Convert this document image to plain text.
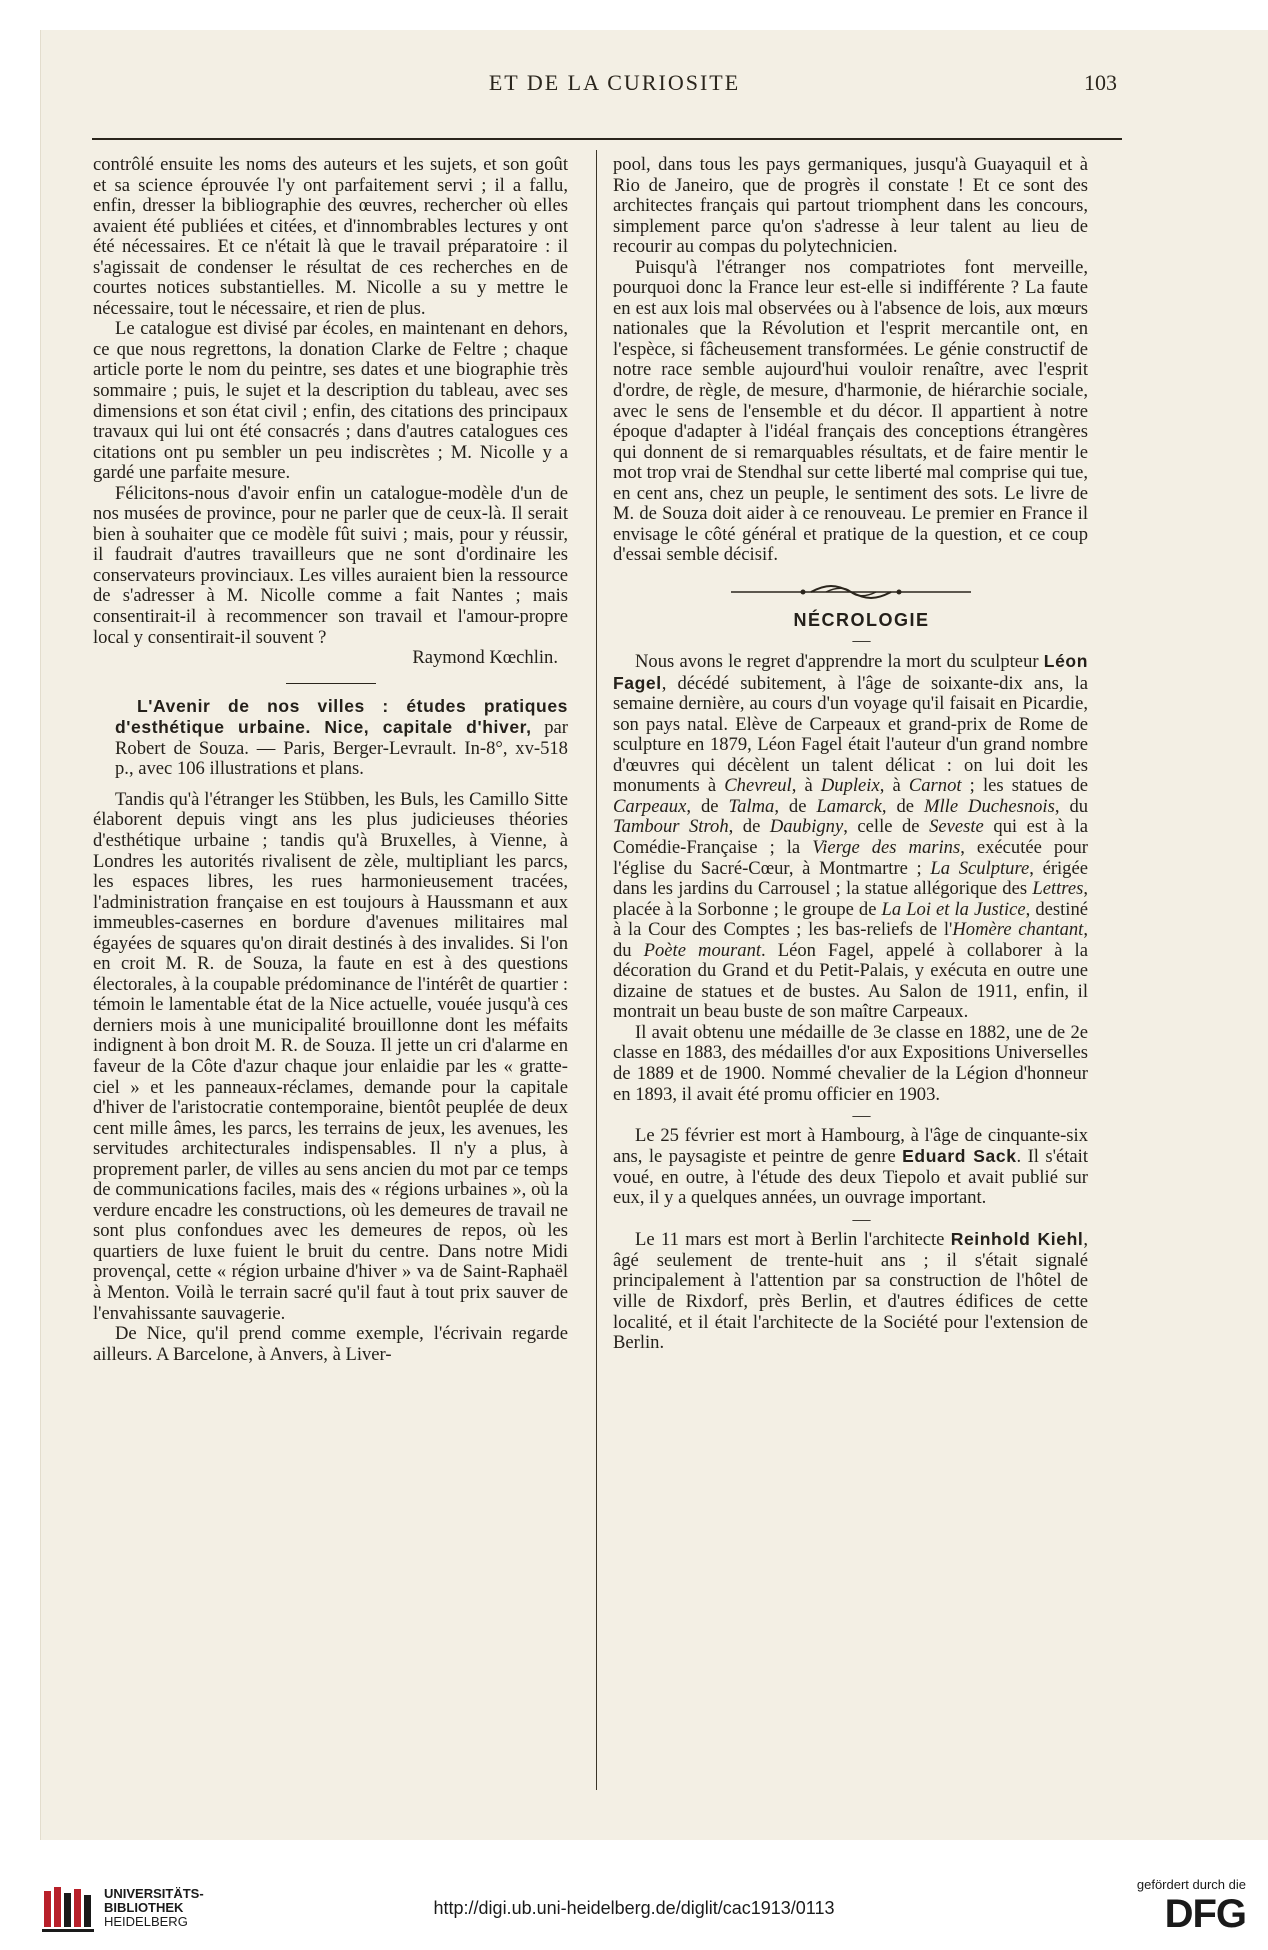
ET DE LA CURIOSITE	103

contrôlé ensuite les noms des auteurs et les sujets, et son goût et sa science éprouvée l'y ont parfaitement servi ; il a fallu, enfin, dresser la bibliographie des œuvres, rechercher où elles avaient été publiées et citées, et d'innombrables lectures y ont été nécessaires. Et ce n'était là que le travail préparatoire : il s'agissait de condenser le résultat de ces recherches en de courtes notices substantielles. M. Nicolle a su y mettre le nécessaire, tout le nécessaire, et rien de plus.

Le catalogue est divisé par écoles, en maintenant en dehors, ce que nous regrettons, la donation Clarke de Feltre ; chaque article porte le nom du peintre, ses dates et une biographie très sommaire ; puis, le sujet et la description du tableau, avec ses dimensions et son état civil ; enfin, des citations des principaux travaux qui lui ont été consacrés ; dans d'autres catalogues ces citations ont pu sembler un peu indiscrètes ; M. Nicolle y a gardé une parfaite mesure.

Félicitons-nous d'avoir enfin un catalogue-modèle d'un de nos musées de province, pour ne parler que de ceux-là. Il serait bien à souhaiter que ce modèle fût suivi ; mais, pour y réussir, il faudrait d'autres travailleurs que ne sont d'ordinaire les conservateurs provinciaux. Les villes auraient bien la ressource de s'adresser à M. Nicolle comme a fait Nantes ; mais consentirait-il à recommencer son travail et l'amour-propre local y consentirait-il souvent ?

Raymond Kœchlin.

L'Avenir de nos villes : études pratiques d'esthétique urbaine. Nice, capitale d'hiver, par Robert de Souza. — Paris, Berger-Levrault. In-8°, xv-518 p., avec 106 illustrations et plans.

Tandis qu'à l'étranger les Stübben, les Buls, les Camillo Sitte élaborent depuis vingt ans les plus judicieuses théories d'esthétique urbaine ; tandis qu'à Bruxelles, à Vienne, à Londres les autorités rivalisent de zèle, multipliant les parcs, les espaces libres, les rues harmonieusement tracées, l'administration française en est toujours à Haussmann et aux immeubles-casernes en bordure d'avenues militaires mal égayées de squares qu'on dirait destinés à des invalides. Si l'on en croit M. R. de Souza, la faute en est à des questions électorales, à la coupable prédominance de l'intérêt de quartier : témoin le lamentable état de la Nice actuelle, vouée jusqu'à ces derniers mois à une municipalité brouillonne dont les méfaits indignent à bon droit M. R. de Souza. Il jette un cri d'alarme en faveur de la Côte d'azur chaque jour enlaidie par les « gratte-ciel » et les panneaux-réclames, demande pour la capitale d'hiver de l'aristocratie contemporaine, bientôt peuplée de deux cent mille âmes, les parcs, les terrains de jeux, les avenues, les servitudes architecturales indispensables. Il n'y a plus, à proprement parler, de villes au sens ancien du mot par ce temps de communications faciles, mais des « régions urbaines », où la verdure encadre les constructions, où les demeures de travail ne sont plus confondues avec les demeures de repos, où les quartiers de luxe fuient le bruit du centre. Dans notre Midi provençal, cette « région urbaine d'hiver » va de Saint-Raphaël à Menton. Voilà le terrain sacré qu'il faut à tout prix sauver de l'envahissante sauvagerie.

De Nice, qu'il prend comme exemple, l'écrivain regarde ailleurs. A Barcelone, à Anvers, à Liver-

pool, dans tous les pays germaniques, jusqu'à Guayaquil et à Rio de Janeiro, que de progrès il constate ! Et ce sont des architectes français qui partout triomphent dans les concours, simplement parce qu'on s'adresse à leur talent au lieu de recourir au compas du polytechnicien.

Puisqu'à l'étranger nos compatriotes font merveille, pourquoi donc la France leur est-elle si indifférente ? La faute en est aux lois mal observées ou à l'absence de lois, aux mœurs nationales que la Révolution et l'esprit mercantile ont, en l'espèce, si fâcheusement transformées. Le génie constructif de notre race semble aujourd'hui vouloir renaître, avec l'esprit d'ordre, de règle, de mesure, d'harmonie, de hiérarchie sociale, avec le sens de l'ensemble et du décor. Il appartient à notre époque d'adapter à l'idéal français des conceptions étrangères qui donnent de si remarquables résultats, et de faire mentir le mot trop vrai de Stendhal sur cette liberté mal comprise qui tue, en cent ans, chez un peuple, le sentiment des sots. Le livre de M. de Souza doit aider à ce renouveau. Le premier en France il envisage le côté général et pratique de la question, et ce coup d'essai semble décisif.

NÉCROLOGIE

—

Nous avons le regret d'apprendre la mort du sculpteur Léon Fagel, décédé subitement, à l'âge de soixante-dix ans, la semaine dernière, au cours d'un voyage qu'il faisait en Picardie, son pays natal. Elève de Carpeaux et grand-prix de Rome de sculpture en 1879, Léon Fagel était l'auteur d'un grand nombre d'œuvres qui décèlent un talent délicat : on lui doit les monuments à Chevreul, à Dupleix, à Carnot ; les statues de Carpeaux, de Talma, de Lamarck, de Mlle Duchesnois, du Tambour Stroh, de Daubigny, celle de Seveste qui est à la Comédie-Française ; la Vierge des marins, exécutée pour l'église du Sacré-Cœur, à Montmartre ; La Sculpture, érigée dans les jardins du Carrousel ; la statue allégorique des Lettres, placée à la Sorbonne ; le groupe de La Loi et la Justice, destiné à la Cour des Comptes ; les bas-reliefs de l'Homère chantant, du Poète mourant. Léon Fagel, appelé à collaborer à la décoration du Grand et du Petit-Palais, y exécuta en outre une dizaine de statues et de bustes. Au Salon de 1911, enfin, il montrait un beau buste de son maître Carpeaux.

Il avait obtenu une médaille de 3e classe en 1882, une de 2e classe en 1883, des médailles d'or aux Expositions Universelles de 1889 et de 1900. Nommé chevalier de la Légion d'honneur en 1893, il avait été promu officier en 1903.

—

Le 25 février est mort à Hambourg, à l'âge de cinquante-six ans, le paysagiste et peintre de genre Eduard Sack. Il s'était voué, en outre, à l'étude des deux Tiepolo et avait publié sur eux, il y a quelques années, un ouvrage important.

—

Le 11 mars est mort à Berlin l'architecte Reinhold Kiehl, âgé seulement de trente-huit ans ; il s'était signalé principalement à l'attention par sa construction de l'hôtel de ville de Rixdorf, près Berlin, et d'autres édifices de cette localité, et il était l'architecte de la Société pour l'extension de Berlin.

UNIVERSITÄTS-
BIBLIOTHEK
HEIDELBERG
http://digi.ub.uni-heidelberg.de/diglit/cac1913/0113
gefördert durch die
DFG
